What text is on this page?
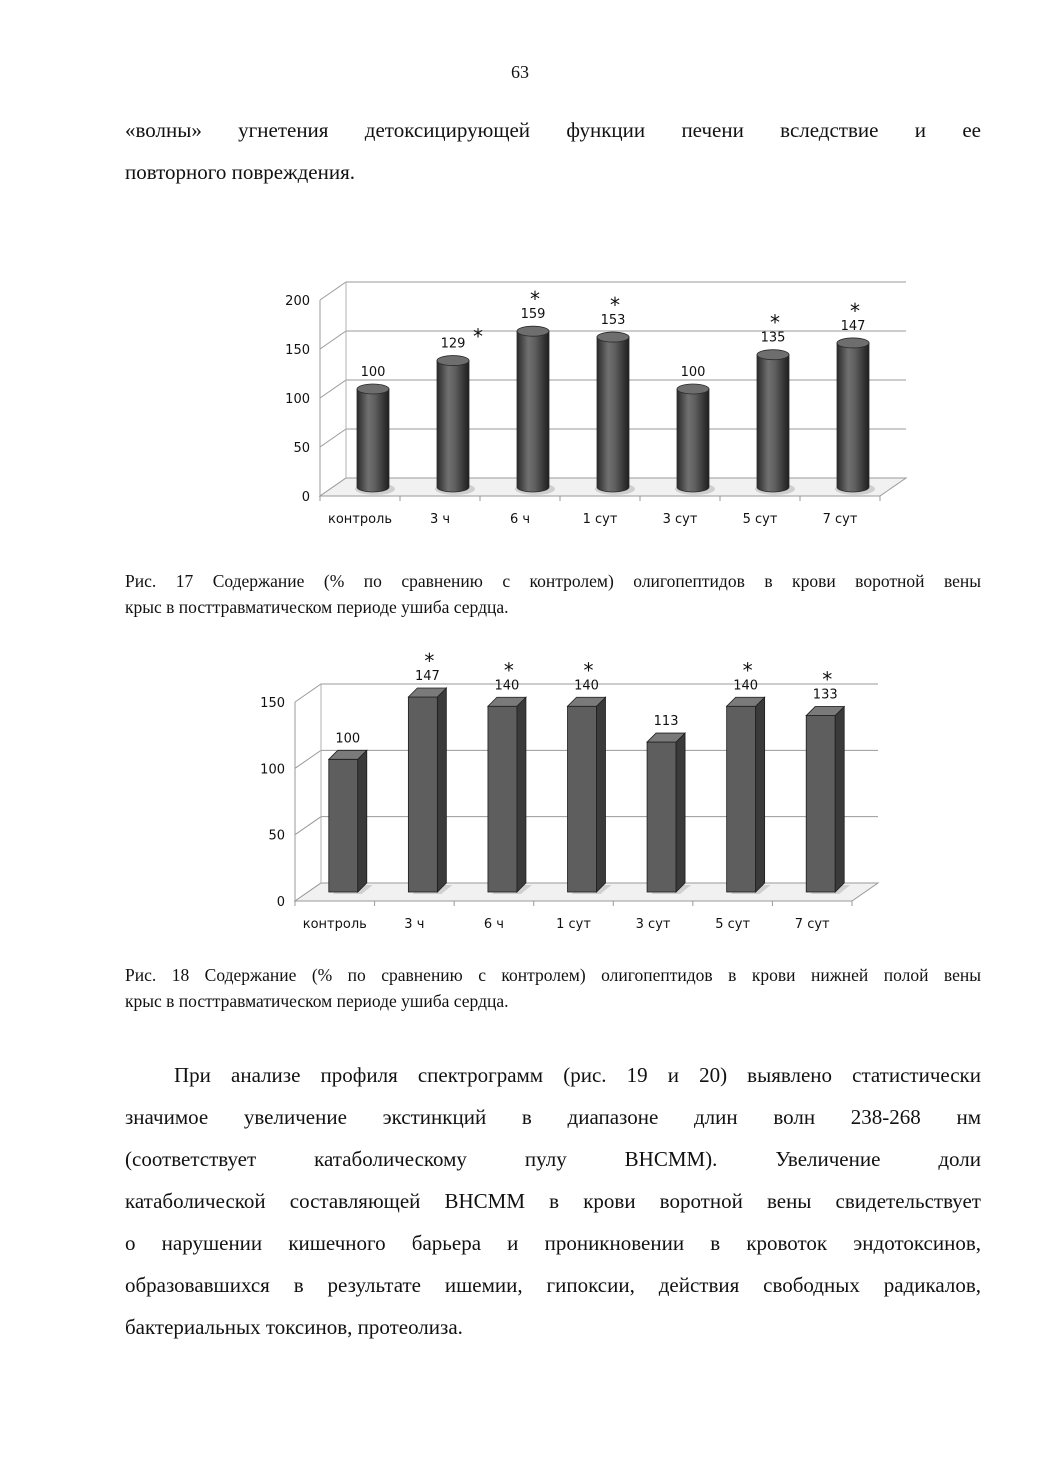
63
«волны» угнетения детоксицирующей функции печени вследствие и ее
повторного повреждения.
0
50
100
150
200
100
контроль
129 *
3 ч
159
*
6 ч
153
*
1 сут
100
3 сут
135
*
5 сут
147
*
7 сут
Рис. 17 Содержание (% по сравнению с контролем) олигопептидов в крови воротной вены
крыс в посттравматическом периоде ушиба сердца.
0
50
100
150
100
контроль
147
*
3 ч
140
*
6 ч
140
*
1 сут
113
3 сут
140
*
5 сут
133
*
7 сут
Рис. 18 Содержание (% по сравнению с контролем) олигопептидов в крови нижней полой вены
крыс в посттравматическом периоде ушиба сердца.
При анализе профиля спектрограмм (рис. 19 и 20) выявлено статистически
значимое увеличение экстинкций в диапазоне длин волн 238-268 нм
(соответствует катаболическому пулу ВНСММ). Увеличение доли
катаболической составляющей ВНСММ в крови воротной вены свидетельствует
о нарушении кишечного барьера и проникновении в кровоток эндотоксинов,
образовавшихся в результате ишемии, гипоксии, действия свободных радикалов,
бактериальных токсинов, протеолиза.
